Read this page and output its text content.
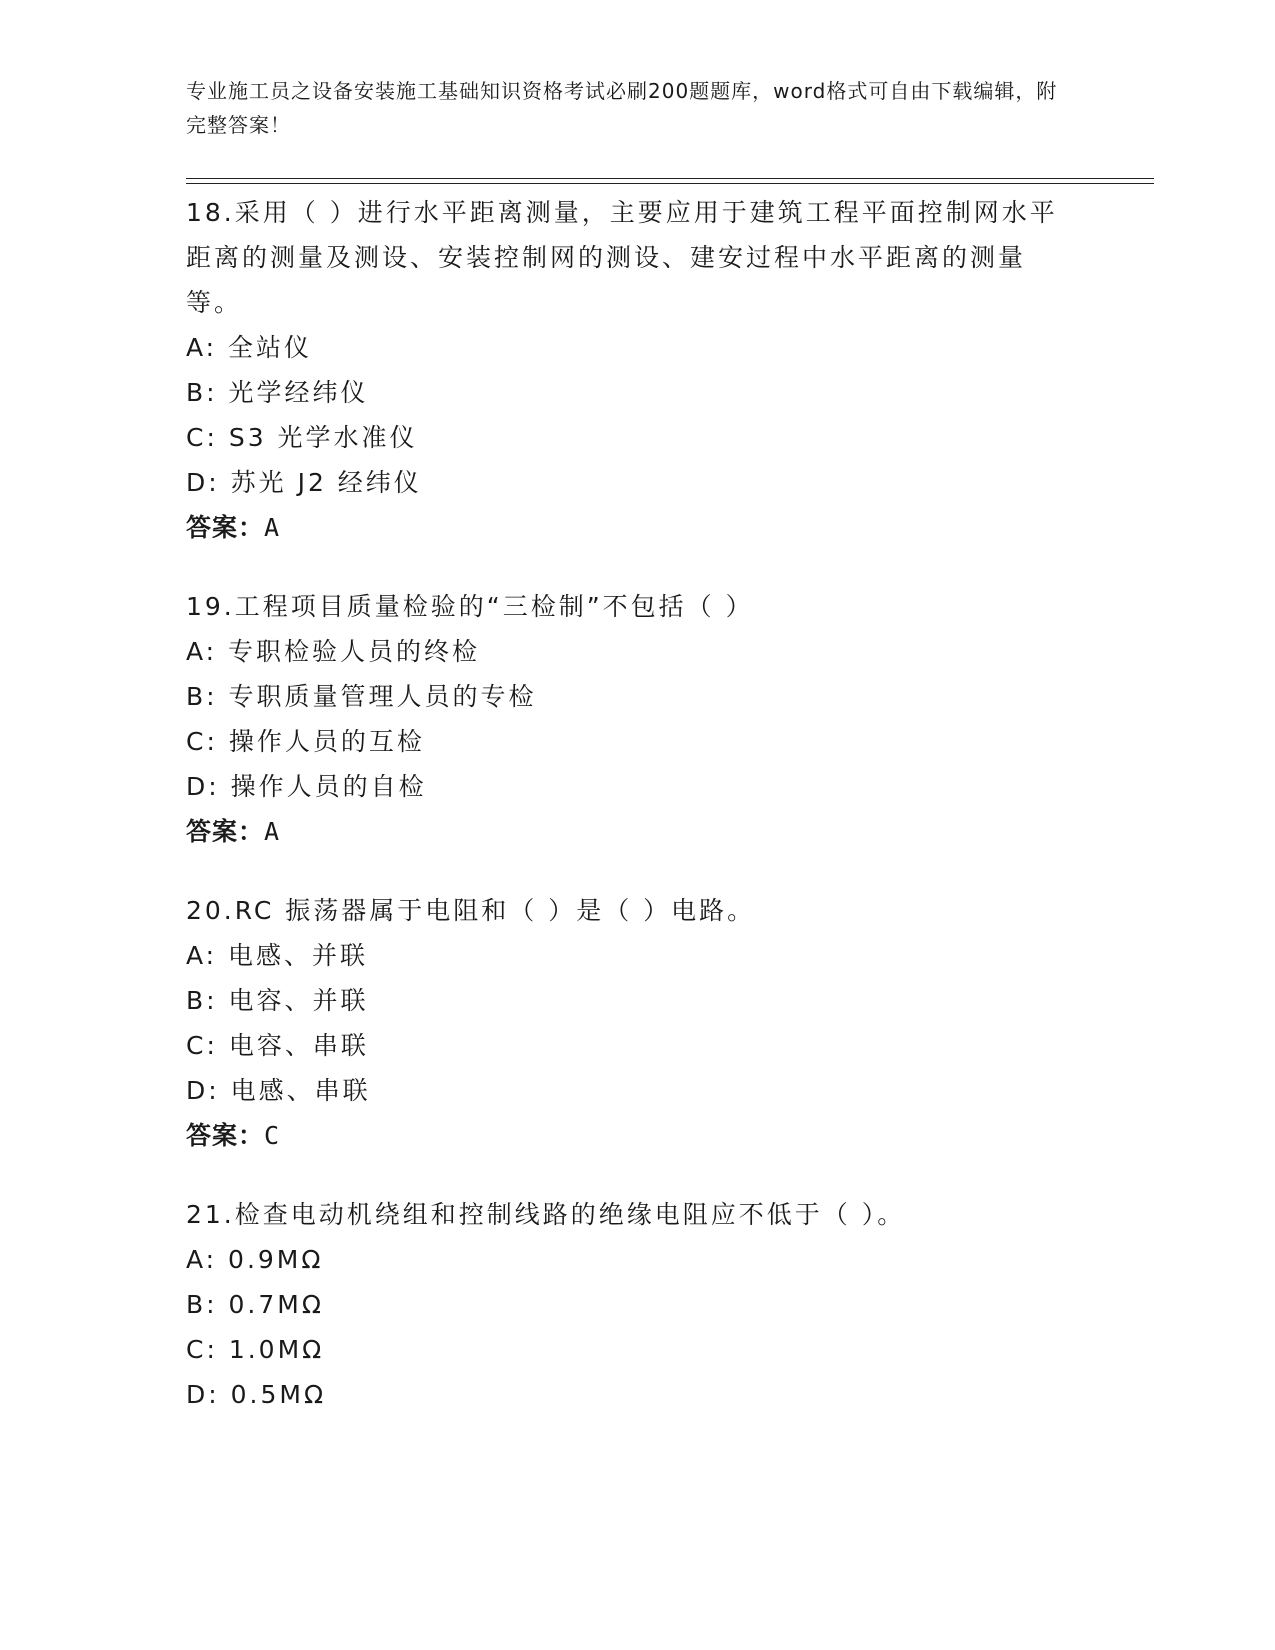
专业施工员之设备安装施工基础知识资格考试必刷200题题库，word格式可自由下载编辑，附完整答案！

18.采用（ ）进行水平距离测量，主要应用于建筑工程平面控制网水平距离的测量及测设、安装控制网的测设、建安过程中水平距离的测量等。

A: 全站仪

B: 光学经纬仪

C: S3 光学水准仪

D: 苏光 J2 经纬仪

答案：A

19.工程项目质量检验的“三检制”不包括（ ）

A: 专职检验人员的终检

B: 专职质量管理人员的专检

C: 操作人员的互检

D: 操作人员的自检

答案：A

20.RC 振荡器属于电阻和（ ）是（ ）电路。

A: 电感、并联

B: 电容、并联

C: 电容、串联

D: 电感、串联

答案：C

21.检查电动机绕组和控制线路的绝缘电阻应不低于（ ）。

A: 0.9MΩ

B: 0.7MΩ

C: 1.0MΩ

D: 0.5MΩ
